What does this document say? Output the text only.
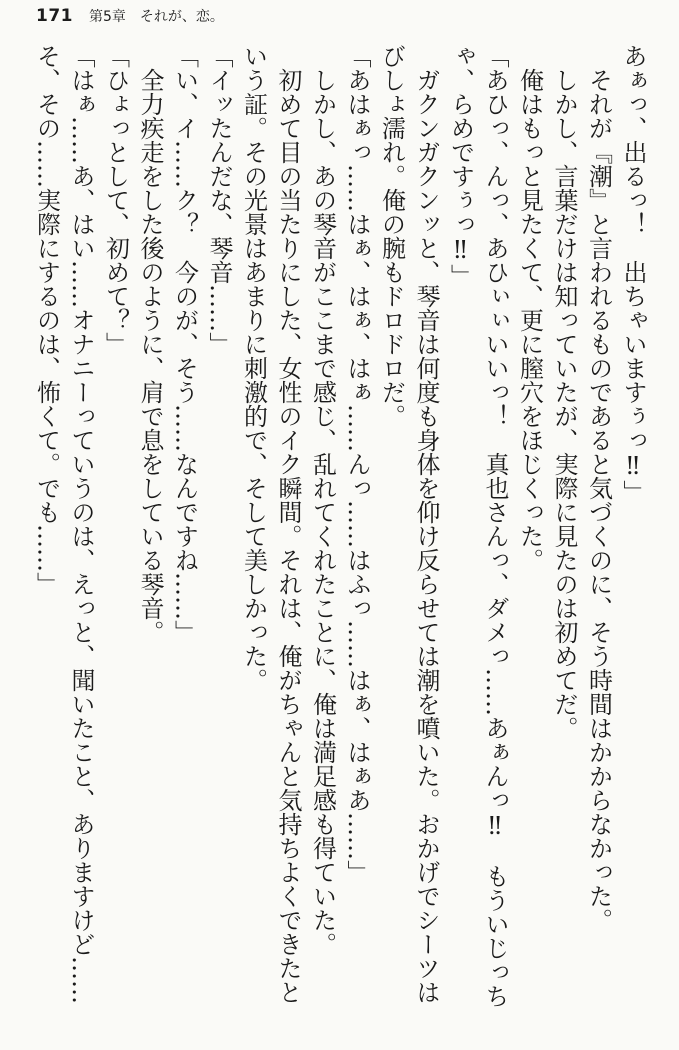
171 第5章　それが、恋。
あぁっ、出るっ！　出ちゃいますぅっ‼」
それが『潮』と言われるものであると気づくのに、そう時間はかからなかった。
しかし、言葉だけは知っていたが、実際に見たのは初めてだ。
俺はもっと見たくて、更に膣穴をほじくった。
「あひっ、んっ、あひぃぃいいっ！　真也さんっ、ダメっ……あぁんっ‼　もういじっち
ゃ、らめですぅっ‼」
ガクンガクンッと、琴音は何度も身体を仰け反らせては潮を噴いた。おかげでシーツは
びしょ濡れ。俺の腕もドロドロだ。
「あはぁっ……はぁ、はぁ、はぁ……んっ……はふっ……はぁ、はぁあ……」
しかし、あの琴音がここまで感じ、乱れてくれたことに、俺は満足感も得ていた。
初めて目の当たりにした、女性のイク瞬間。それは、俺がちゃんと気持ちよくできたと
いう証。その光景はあまりに刺激的で、そして美しかった。
「イッたんだな、琴音……」
「い、イ……ク？　今のが、そう……なんですね……」
全力疾走をした後のように、肩で息をしている琴音。
「ひょっとして、初めて？」
「はぁ……あ、はい……オナニーっていうのは、えっと、聞いたこと、ありますけど……
そ、その……実際にするのは、怖くて。でも……」
